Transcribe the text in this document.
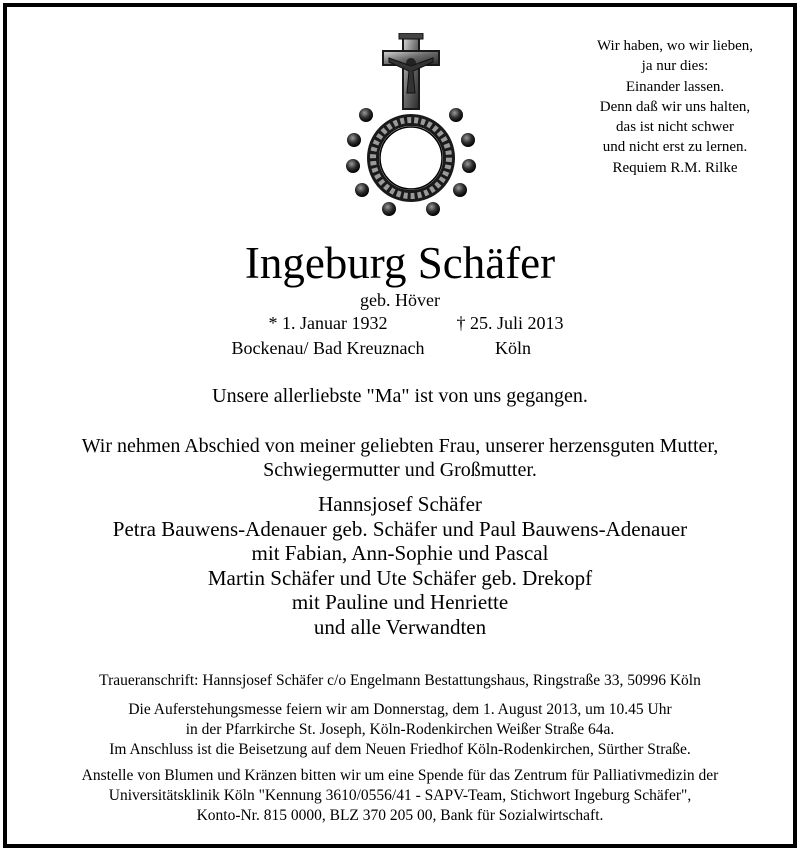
Wir haben, wo wir lieben,
ja nur dies:
Einander lassen.
Denn daß wir uns halten,
das ist nicht schwer
und nicht erst zu lernen.
Requiem R.M. Rilke
Ingeburg Schäfer
geb. Höver
* 1. Januar 1932	† 25. Juli 2013
Bockenau/ Bad Kreuznach	Köln
Unsere allerliebste "Ma" ist von uns gegangen.
Wir nehmen Abschied von meiner geliebten Frau, unserer herzensguten Mutter,
Schwiegermutter und Großmutter.
Hannsjosef Schäfer
Petra Bauwens-Adenauer geb. Schäfer und Paul Bauwens-Adenauer
mit Fabian, Ann-Sophie und Pascal
Martin Schäfer und Ute Schäfer geb. Drekopf
mit Pauline und Henriette
und alle Verwandten
Traueranschrift: Hannsjosef Schäfer c/o Engelmann Bestattungshaus, Ringstraße 33, 50996 Köln
Die Auferstehungsmesse feiern wir am Donnerstag, dem 1. August 2013, um 10.45 Uhr
in der Pfarrkirche St. Joseph, Köln-Rodenkirchen Weißer Straße 64a.
Im Anschluss ist die Beisetzung auf dem Neuen Friedhof Köln-Rodenkirchen, Sürther Straße.
Anstelle von Blumen und Kränzen bitten wir um eine Spende für das Zentrum für Palliativmedizin der
Universitätsklinik Köln "Kennung 3610/0556/41 - SAPV-Team, Stichwort Ingeburg Schäfer",
Konto-Nr. 815 0000, BLZ 370 205 00, Bank für Sozialwirtschaft.
